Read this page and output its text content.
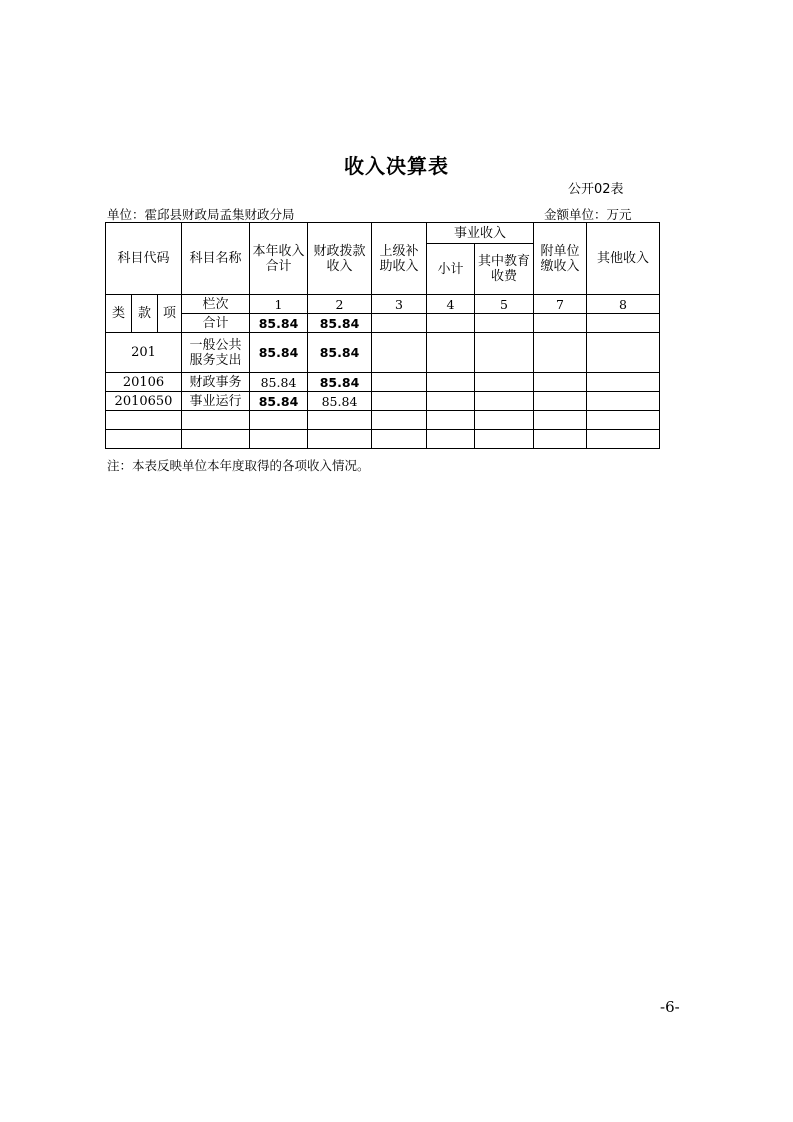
收入决算表
公开02表
单位：霍邱县财政局孟集财政分局	金额单位：万元
科目代码			科目名称	本年收入合计	财政拨款收入	上级补助收入	事业收入		附单位缴收入	其他收入
							小计	其中教育收费		
类	款	项	栏次	1	2	3	4	5	7	8
			合计	85.84	85.84					
201			一般公共服务支出	85.84	85.84					
20106			财政事务	85.84	85.84					
2010650			事业运行	85.84	85.84					

注：本表反映单位本年度取得的各项收入情况。
-6-
